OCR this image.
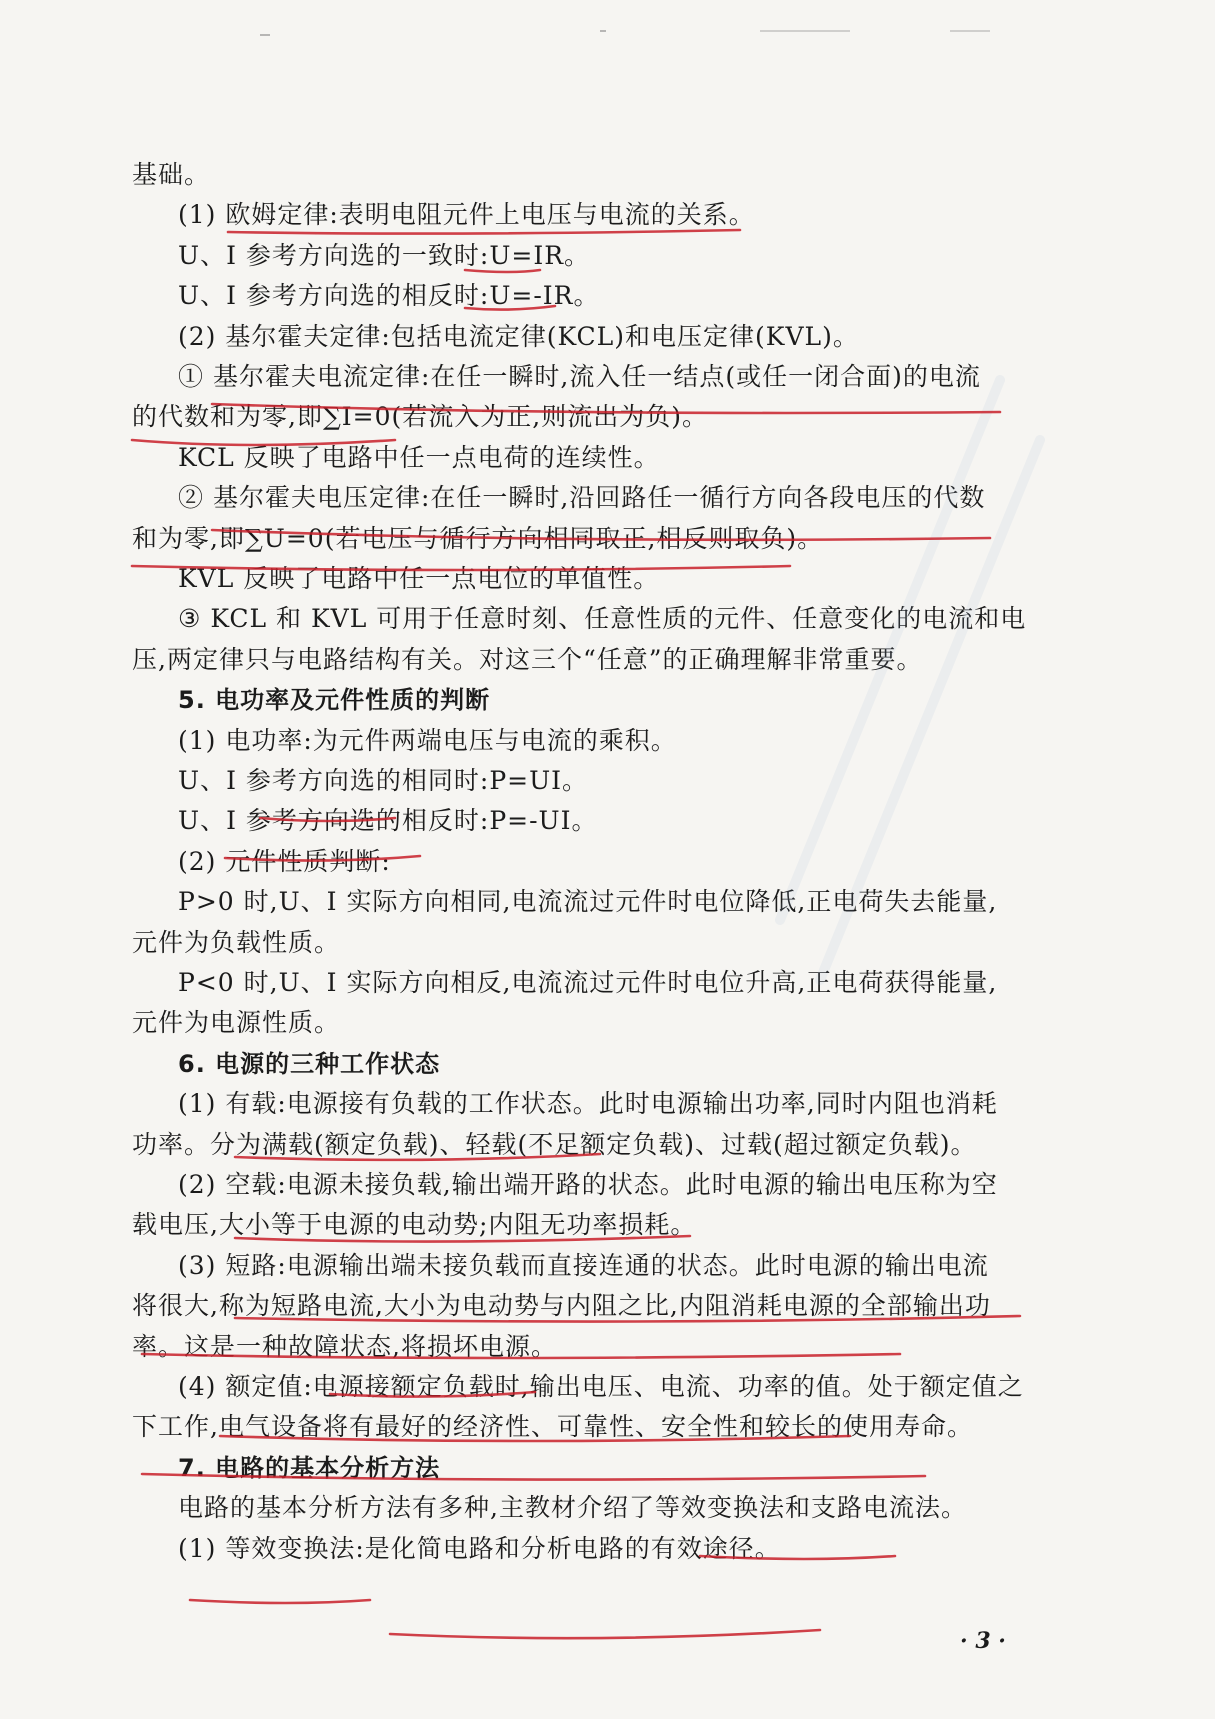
基础。
(1) 欧姆定律:表明电阻元件上电压与电流的关系。
U、I 参考方向选的一致时:U=IR。
U、I 参考方向选的相反时:U=-IR。
(2) 基尔霍夫定律:包括电流定律(KCL)和电压定律(KVL)。
① 基尔霍夫电流定律:在任一瞬时,流入任一结点(或任一闭合面)的电流
的代数和为零,即∑I=0(若流入为正,则流出为负)。
KCL 反映了电路中任一点电荷的连续性。
② 基尔霍夫电压定律:在任一瞬时,沿回路任一循行方向各段电压的代数
和为零,即∑U=0(若电压与循行方向相同取正,相反则取负)。
KVL 反映了电路中任一点电位的单值性。
③ KCL 和 KVL 可用于任意时刻、任意性质的元件、任意变化的电流和电
压,两定律只与电路结构有关。对这三个“任意”的正确理解非常重要。
5. 电功率及元件性质的判断
(1) 电功率:为元件两端电压与电流的乘积。
U、I 参考方向选的相同时:P=UI。
U、I 参考方向选的相反时:P=-UI。
(2) 元件性质判断:
P>0 时,U、I 实际方向相同,电流流过元件时电位降低,正电荷失去能量,
元件为负载性质。
P<0 时,U、I 实际方向相反,电流流过元件时电位升高,正电荷获得能量,
元件为电源性质。
6. 电源的三种工作状态
(1) 有载:电源接有负载的工作状态。此时电源输出功率,同时内阻也消耗
功率。分为满载(额定负载)、轻载(不足额定负载)、过载(超过额定负载)。
(2) 空载:电源未接负载,输出端开路的状态。此时电源的输出电压称为空
载电压,大小等于电源的电动势;内阻无功率损耗。
(3) 短路:电源输出端未接负载而直接连通的状态。此时电源的输出电流
将很大,称为短路电流,大小为电动势与内阻之比,内阻消耗电源的全部输出功
率。这是一种故障状态,将损坏电源。
(4) 额定值:电源接额定负载时,输出电压、电流、功率的值。处于额定值之
下工作,电气设备将有最好的经济性、可靠性、安全性和较长的使用寿命。
7. 电路的基本分析方法
电路的基本分析方法有多种,主教材介绍了等效变换法和支路电流法。
(1) 等效变换法:是化简电路和分析电路的有效途径。
· 3 ·
